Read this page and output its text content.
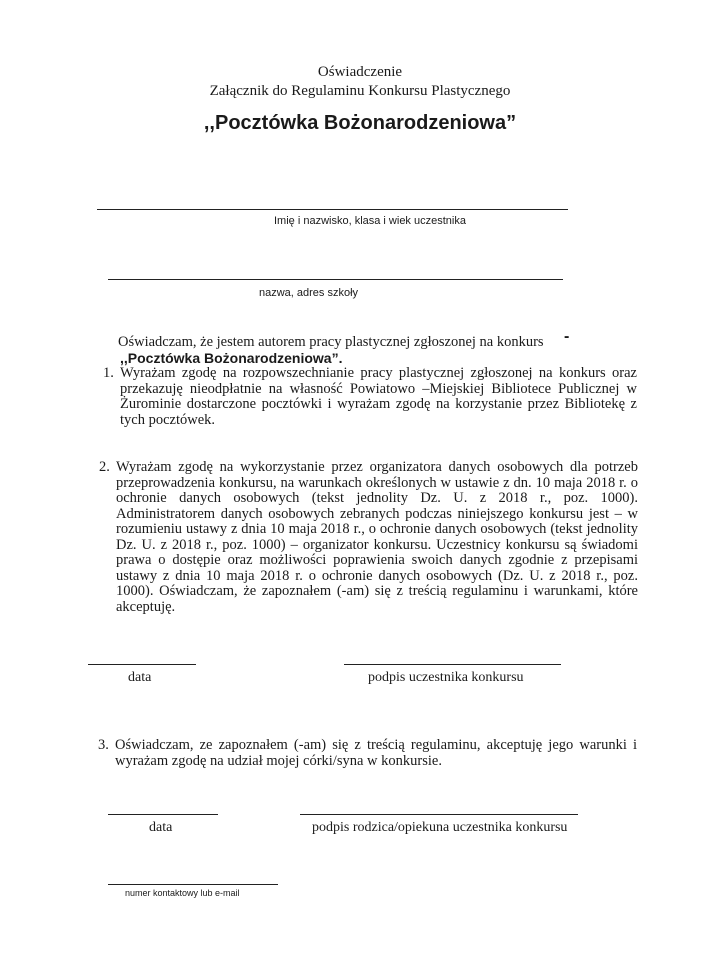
Oświadczenie
Załącznik do Regulaminu Konkursu Plastycznego
,,Pocztówka Bożonarodzeniowa”
Imię i nazwisko, klasa i wiek uczestnika
nazwa, adres szkoły
Oświadczam, że jestem autorem pracy plastycznej zgłoszonej na konkurs -
,,Pocztówka Bożonarodzeniowa”.
1. Wyrażam zgodę na rozpowszechnianie pracy plastycznej zgłoszonej na konkurs oraz przekazuję nieodpłatnie na własność Powiatowo –Miejskiej Bibliotece Publicznej w Żurominie dostarczone pocztówki i wyrażam zgodę na korzystanie przez Bibliotekę z tych pocztówek.

2. Wyrażam zgodę na wykorzystanie przez organizatora danych osobowych dla potrzeb przeprowadzenia konkursu, na warunkach określonych w ustawie z dn. 10 maja 2018 r. o ochronie danych osobowych (tekst jednolity Dz. U. z 2018 r., poz. 1000). Administratorem danych osobowych zebranych podczas niniejszego konkursu jest – w rozumieniu ustawy z dnia 10 maja 2018 r., o ochronie danych osobowych (tekst jednolity Dz. U. z 2018 r., poz. 1000) – organizator konkursu. Uczestnicy konkursu są świadomi prawa o dostępie oraz możliwości poprawienia swoich danych zgodnie z przepisami ustawy z dnia 10 maja 2018 r. o ochronie danych osobowych (Dz. U. z 2018 r., poz. 1000). Oświadczam, że zapoznałem (-am) się z treścią regulaminu i warunkami, które akceptuję.

data	podpis uczestnika konkursu
3. Oświadczam, ze zapoznałem (-am) się z treścią regulaminu, akceptuję jego warunki i wyrażam zgodę na udział mojej córki/syna w konkursie.

data	podpis rodzica/opiekuna uczestnika konkursu
numer kontaktowy lub e-mail
